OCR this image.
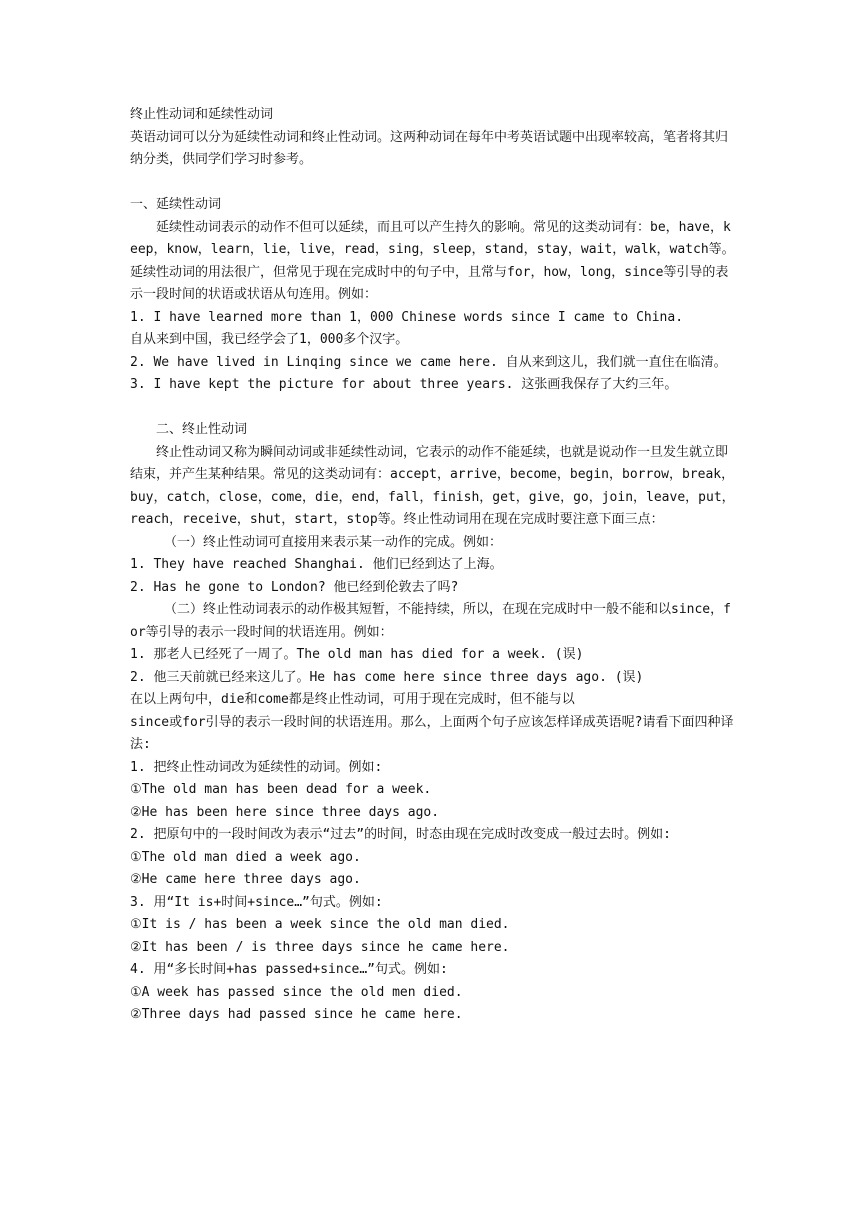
终止性动词和延续性动词

英语动词可以分为延续性动词和终止性动词。这两种动词在每年中考英语试题中出现率较高，笔者将其归纳分类，供同学们学习时参考。

一、延续性动词

延续性动词表示的动作不但可以延续，而且可以产生持久的影响。常见的这类动词有：be，have，keep，know，learn，lie，live，read，sing，sleep，stand，stay，wait，walk，watch等。延续性动词的用法很广，但常见于现在完成时中的句子中，且常与for，how，long，since等引导的表示一段时间的状语或状语从句连用。例如：

1. I have learned more than 1，000 Chinese words since I came to China.

自从来到中国，我已经学会了1，000多个汉字。

2. We have lived in Linqing since we came here. 自从来到这儿，我们就一直住在临清。

3. I have kept the picture for about three years. 这张画我保存了大约三年。

二、终止性动词

终止性动词又称为瞬间动词或非延续性动词，它表示的动作不能延续，也就是说动作一旦发生就立即结束，并产生某种结果。常见的这类动词有：accept，arrive，become，begin，borrow，break，buy，catch，close，come，die，end，fall，finish，get，give，go，join，leave，put，reach，receive，shut，start，stop等。终止性动词用在现在完成时要注意下面三点：

（一）终止性动词可直接用来表示某一动作的完成。例如：

1. They have reached Shanghai. 他们已经到达了上海。

2. Has he gone to London? 他已经到伦敦去了吗?

（二）终止性动词表示的动作极其短暂，不能持续，所以，在现在完成时中一般不能和以since，for等引导的表示一段时间的状语连用。例如：

1. 那老人已经死了一周了。The old man has died for a week. (误)

2. 他三天前就已经来这儿了。He has come here since three days ago. (误)

在以上两句中，die和come都是终止性动词，可用于现在完成时，但不能与以

since或for引导的表示一段时间的状语连用。那么，上面两个句子应该怎样译成英语呢?请看下面四种译法:

1. 把终止性动词改为延续性的动词。例如:

①The old man has been dead for a week.

②He has been here since three days ago.

2. 把原句中的一段时间改为表示“过去”的时间，时态由现在完成时改变成一般过去时。例如:

①The old man died a week ago.

②He came here three days ago.

3. 用“It is+时间+since…”句式。例如:

①It is / has been a week since the old man died.

②It has been / is three days since he came here.

4. 用“多长时间+has passed+since…”句式。例如:

①A week has passed since the old men died.

②Three days had passed since he came here.
